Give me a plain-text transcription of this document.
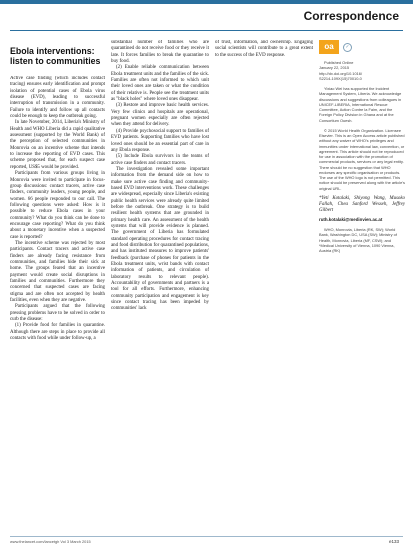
Correspondence
Ebola interventions: listen to communities

Active case finding (which includes contact tracing) ensures early identification and prompt isolation of potential cases of Ebola virus disease (EVD), leading to successful interruption of transmission in a community. Failure to identify and follow up all contacts could be enough to keep the outbreak going.

In late November, 2014, Liberia's Ministry of Health and WHO Liberia did a rapid qualitative assessment (supported by the World Bank) of the perception of selected communities in Monrovia on an incentive scheme that intends to increase the reporting of EVD cases. This scheme proposed that, for each suspect case reported, US$5 would be provided.

Participants from various groups living in Monrovia were invited to participate in focus-group discussions: contact tracers, active case finders, community leaders, young people, and women. 66 people responded to our call. The following questions were asked: How is it possible to reduce Ebola cases in your community? What do you think can be done to encourage case reporting? What do you think about a monetary incentive when a suspected case is reported?

The incentive scheme was rejected by most participants. Contact tracers and active case finders are already facing resistance from communities, and families hide their sick at home. The groups feared that an incentive payment would create social disruptions in families and communities. Furthermore they concerned that suspected cases are facing stigma and are often not accepted by health facilities, even when they are negative.

Participants argued that the following pressing problems have to be solved in order to curb the disease:

(1) Provide food for families in quarantine. Although there are steps in place to provide all contacts with food while under follow-up, a

substantial number of families who are quarantined do not receive food or they receive it late. It forces families to break the quarantine to buy food.

(2) Enable reliable communication between Ebola treatment units and the families of the sick. Families are often not informed to which unit their loved ones are taken or what the condition of their relative is. People see the treatment units as "black holes" where loved ones disappear.

(3) Restore and improve basic health services. Very few clinics and hospitals are operational, pregnant women especially are often rejected when they attend for delivery.

(4) Provide psychosocial support to families of EVD patients. Supporting families who have lost loved ones should be an essential part of care in any Ebola response.

(5) Include Ebola survivors in the teams of active case finders and contact tracers.

The investigation revealed some important information from the demand side on how to make sure active case finding and community-based EVD interventions work. These challenges are widespread, especially since Liberia's existing public health services were already quite limited before the outbreak. One strategy is to build resilient health systems that are grounded in primary health care. An assessment of the health systems that will provide evidence is planned. The government of Liberia has formulated standard operating procedures for contact tracing and food distribution for quarantined populations, and has instituted measures to improve patients' feedback (purchase of phones for patients in the Ebola treatment units, wrist bands with contact information of patients, and circulation of laboratory results to relevant people). Accountability of governments and partners is a tool for all efforts. Furthermore, enhancing community participation and engagement is key since contact tracing has been impeded by communities' lack

of trust, information, and ownership. Engaging social scientists will contribute to a great extent to the success of the EVD response.

oa	✓

Published Online
January 22, 2015
http://dx.doi.org/10.1016/
S2214-109X(15)70010-0

Yixiao Wei has supported the Incident Management System, Liberia. We acknowledge discussions and suggestions from colleagues in UNICEF-LIBERIA, International Rescue Committee, Action Contre la Faim, and the Foreign Policy Division in Ghana and at the Consortium Ouesh.

© 2015 World Health Organization. Licensee Elsevier. This is an Open Access article published without any waiver of WHO's privileges and immunities under international law, convention, or agreement. This article should not be reproduced for use in association with the promotion of commercial products, services or any legal entity. There should be no suggestion that WHO endorses any specific organisation or products. The use of the WHO logo is not permitted. This notice should be preserved along with the article's original URL.

*Yeti Kotalaki, Shiyong Wang, Musoko Fallah, Chea Sanford Wesseh, Jeffrey Gilbert
ruth.kotalaki@medinvien.ac.at

WHO, Monrovia, Liberia (RK, SW); World Bank, Washington DC, USA (SW); Ministry of Health, Monrovia, Liberia (MF, CSW); and *Medical University of Vienna, 1090 Vienna, Austria (RK)

www.thelancet.com/lancetgh Vol 3 March 2015	e133
